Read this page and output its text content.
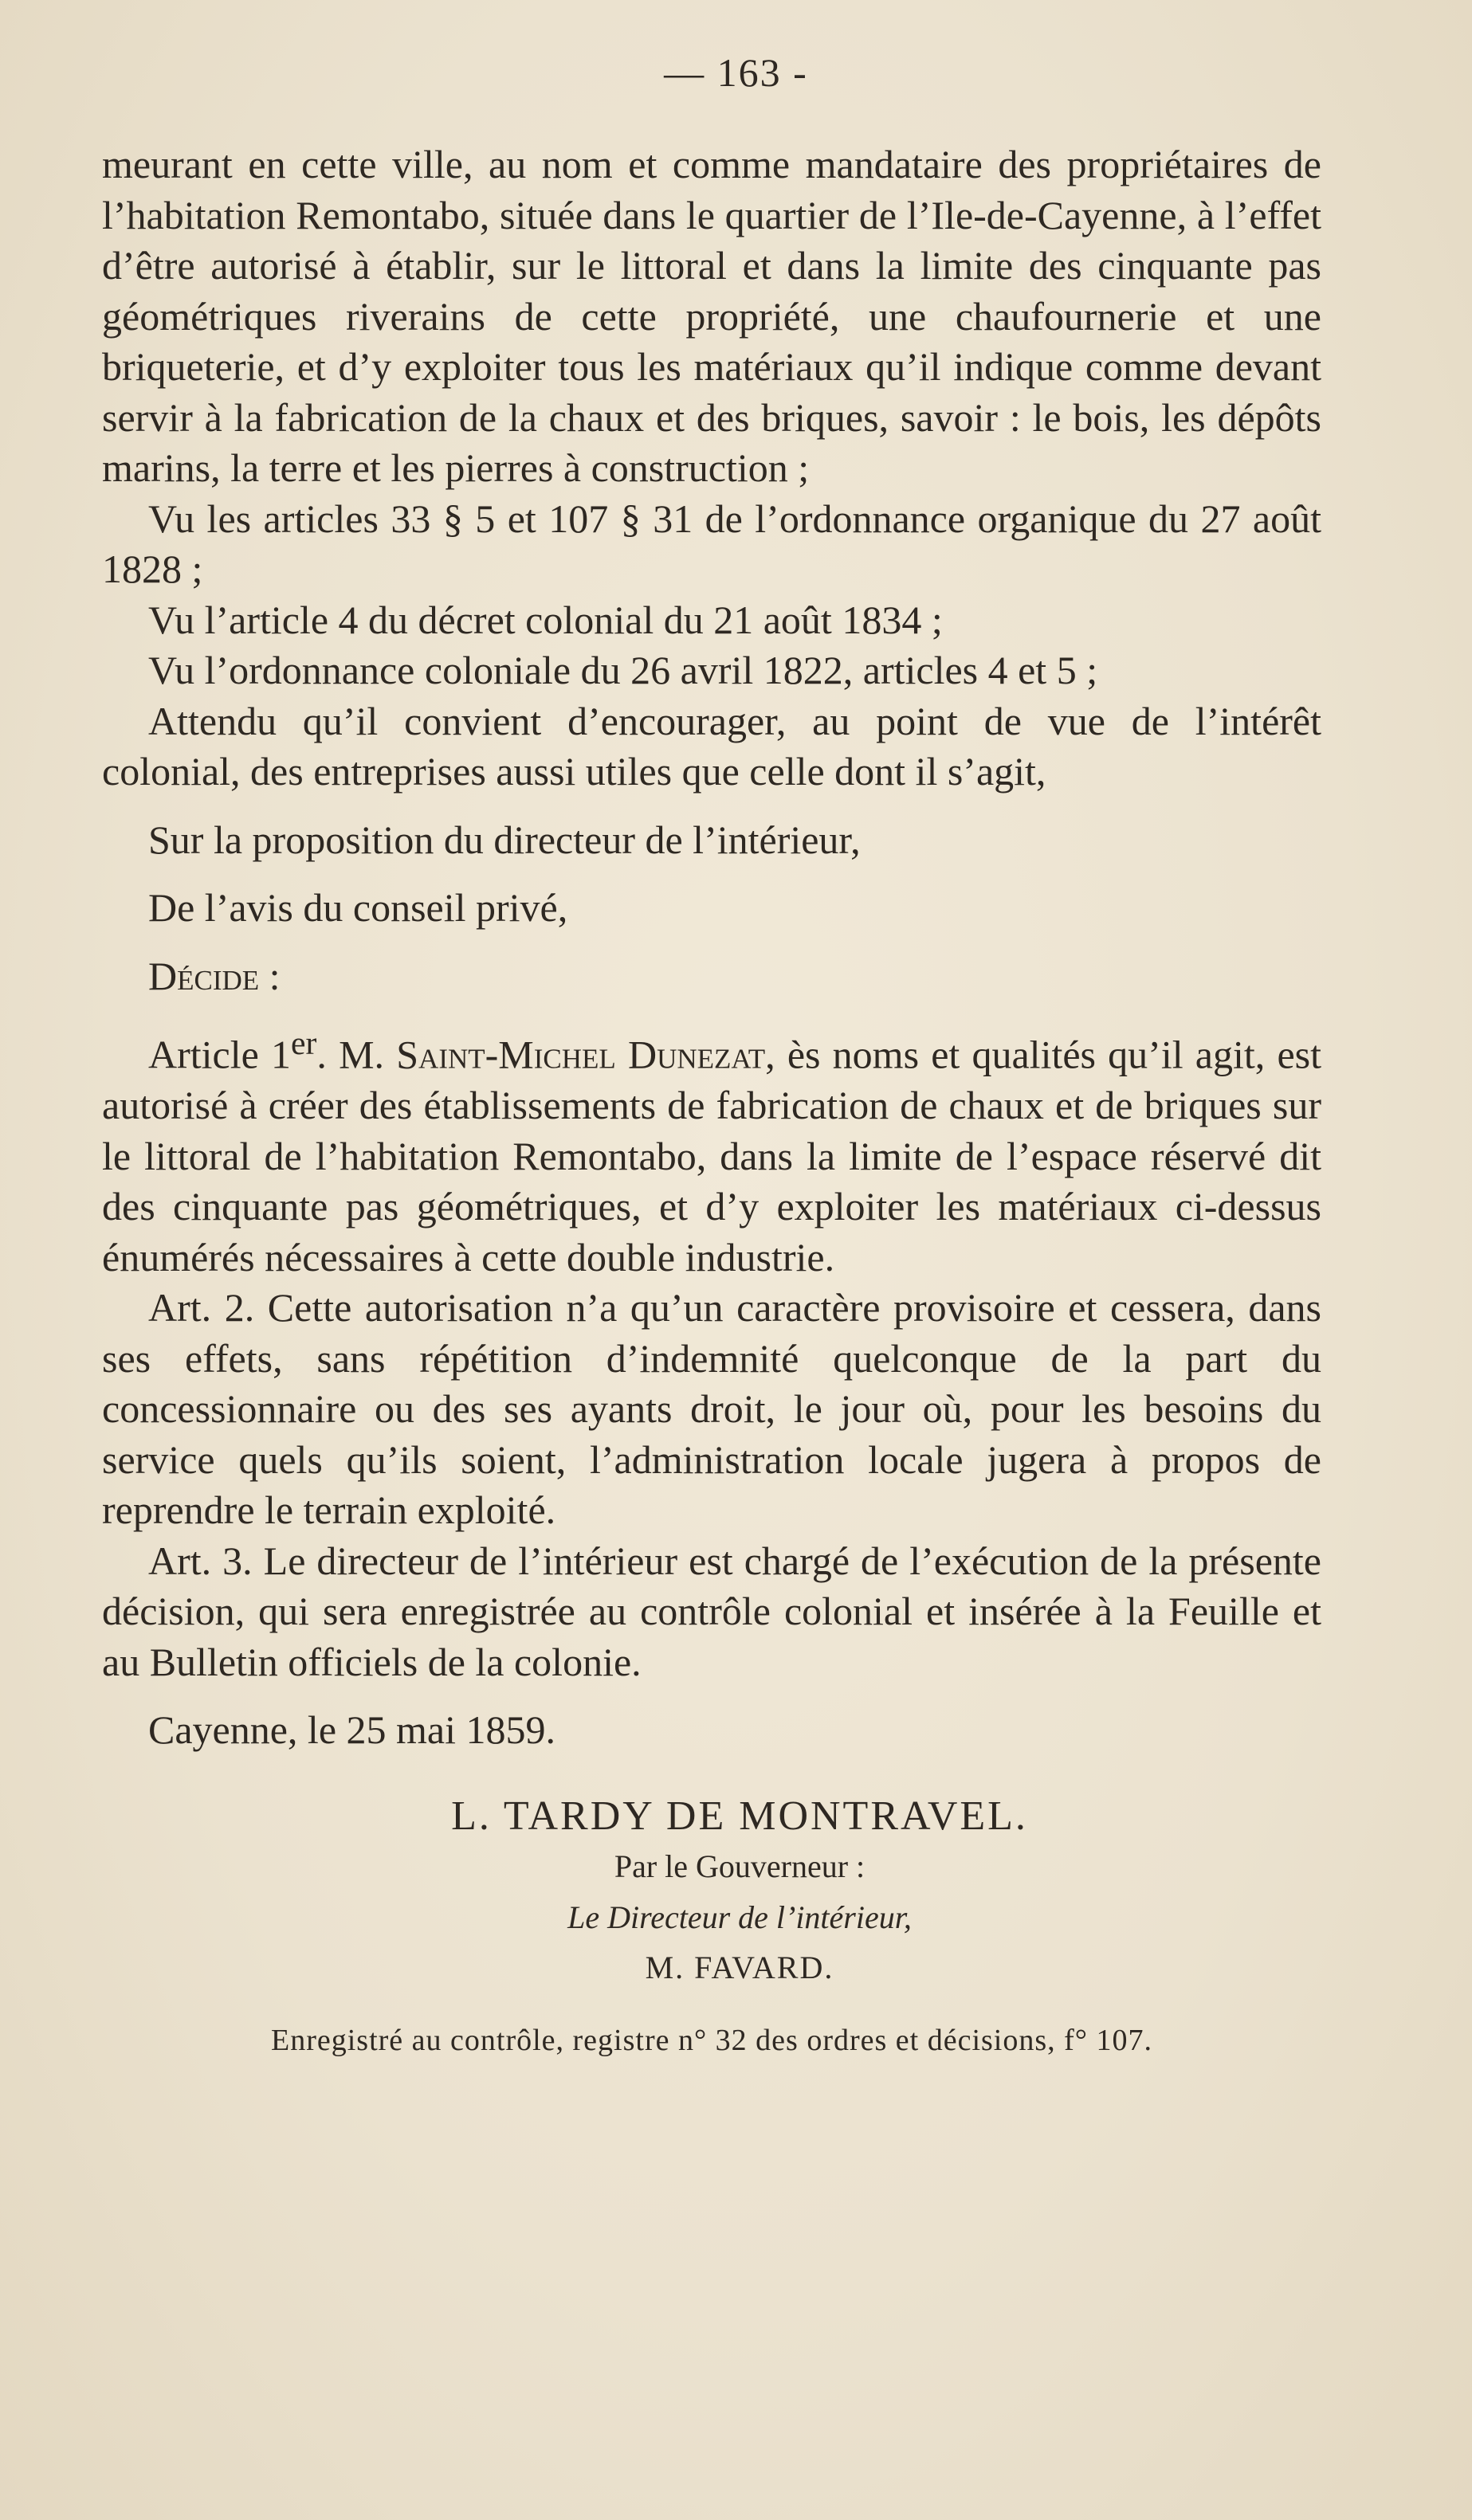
— 163 -

meurant en cette ville, au nom et comme mandataire des propriétaires de l’habitation Remontabo, située dans le quartier de l’Ile-de-Cayenne, à l’effet d’être autorisé à établir, sur le littoral et dans la limite des cinquante pas géométriques riverains de cette propriété, une chaufournerie et une briqueterie, et d’y exploiter tous les matériaux qu’il indique comme devant servir à la fabrication de la chaux et des briques, savoir : le bois, les dépôts marins, la terre et les pierres à construction ;

Vu les articles 33 § 5 et 107 § 31 de l’ordonnance organique du 27 août 1828 ;

Vu l’article 4 du décret colonial du 21 août 1834 ;

Vu l’ordonnance coloniale du 26 avril 1822, articles 4 et 5 ;

Attendu qu’il convient d’encourager, au point de vue de l’intérêt colonial, des entreprises aussi utiles que celle dont il s’agit,

Sur la proposition du directeur de l’intérieur,

De l’avis du conseil privé,

Décide :

Article 1er. M. Saint-Michel Dunezat, ès noms et qualités qu’il agit, est autorisé à créer des établissements de fabrication de chaux et de briques sur le littoral de l’habitation Remontabo, dans la limite de l’espace réservé dit des cinquante pas géométriques, et d’y exploiter les matériaux ci-dessus énumérés nécessaires à cette double industrie.

Art. 2. Cette autorisation n’a qu’un caractère provisoire et cessera, dans ses effets, sans répétition d’indemnité quelconque de la part du concessionnaire ou des ses ayants droit, le jour où, pour les besoins du service quels qu’ils soient, l’administration locale jugera à propos de reprendre le terrain exploité.

Art. 3. Le directeur de l’intérieur est chargé de l’exécution de la présente décision, qui sera enregistrée au contrôle colonial et insérée à la Feuille et au Bulletin officiels de la colonie.

Cayenne, le 25 mai 1859.

L. TARDY DE MONTRAVEL.

Par le Gouverneur :

Le Directeur de l’intérieur,

M. FAVARD.

Enregistré au contrôle, registre n° 32 des ordres et décisions, f° 107.
